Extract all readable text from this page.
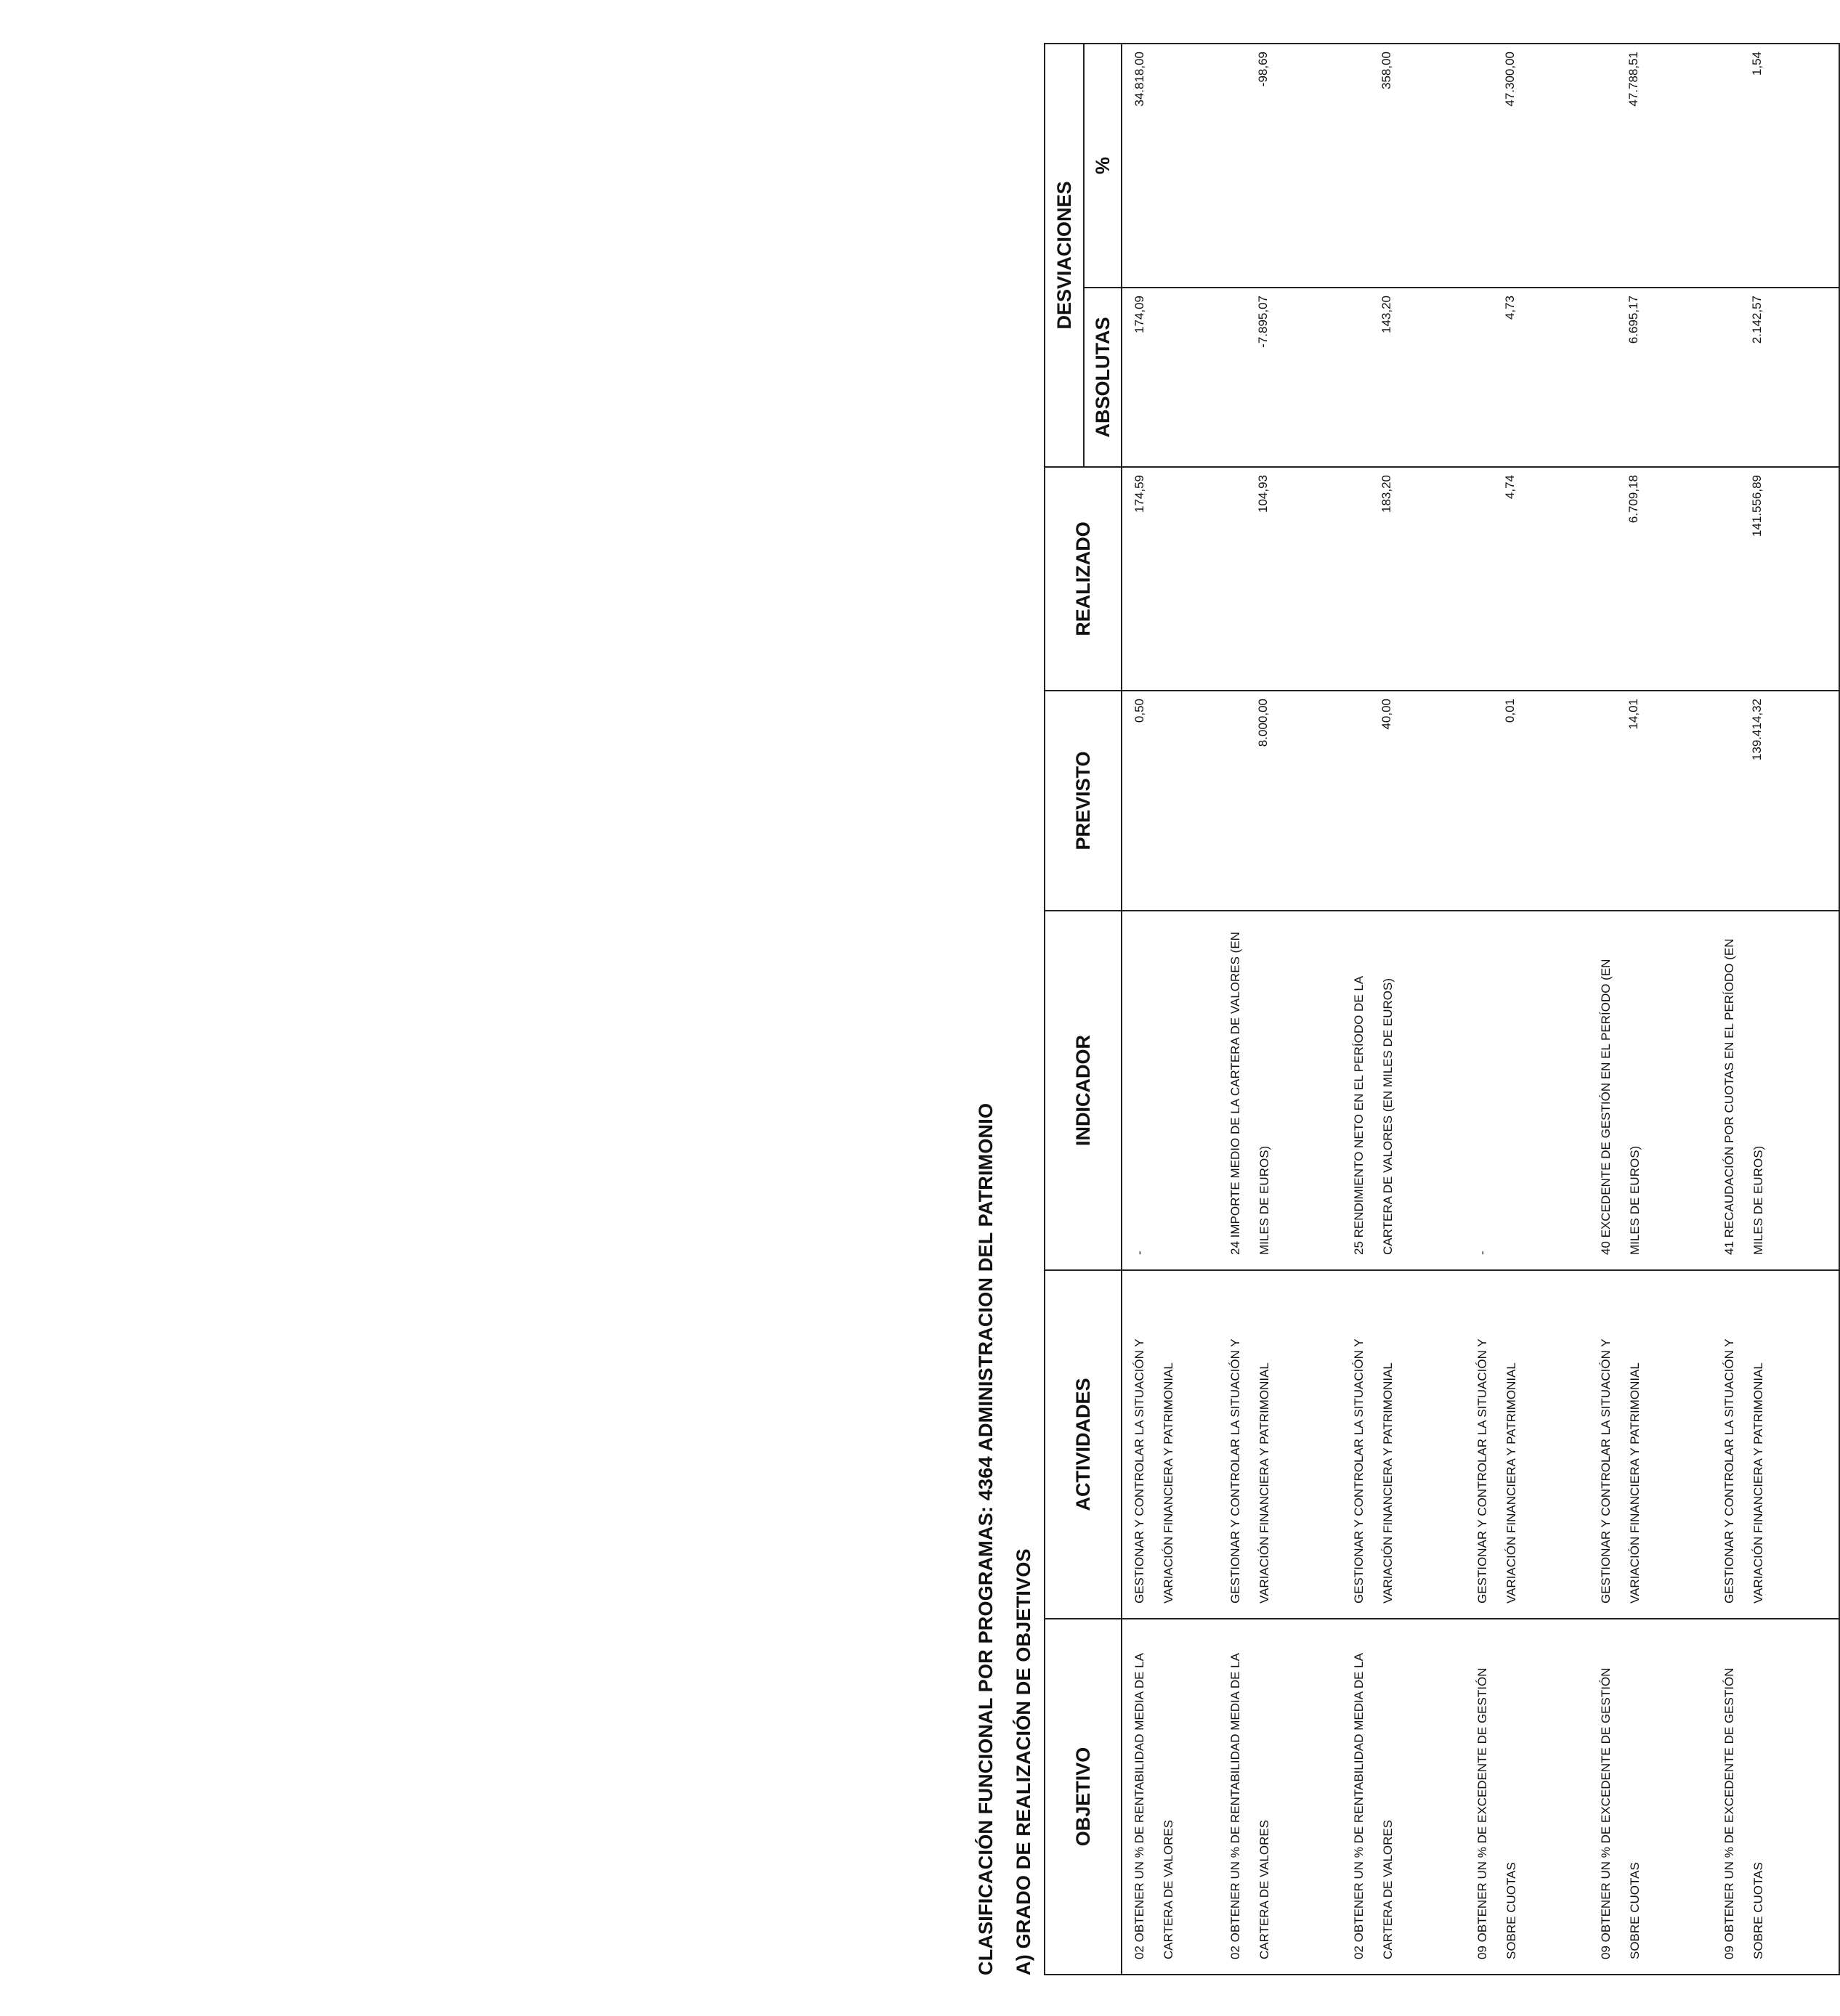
CLASIFICACIÓN FUNCIONAL POR PROGRAMAS: 4364 ADMINISTRACION DEL PATRIMONIO A) GRADO DE REALIZACIÓN DE OBJETIVOS OBJETIVO	ACTIVIDADES	INDICADOR	PREVISTO	REALIZADO	DESVIACIONES	
					ABSOLUTAS	%
02 OBTENER UN % DE RENTABILIDAD MEDIA DE LA CARTERA DE VALORES	GESTIONAR Y CONTROLAR LA SITUACIÓN Y VARIACIÓN FINANCIERA Y PATRIMONIAL	-	0,50	174,59	174,09	34.818,00
02 OBTENER UN % DE RENTABILIDAD MEDIA DE LA CARTERA DE VALORES	GESTIONAR Y CONTROLAR LA SITUACIÓN Y VARIACIÓN FINANCIERA Y PATRIMONIAL	24 IMPORTE MEDIO DE LA CARTERA DE VALORES (EN MILES DE EUROS)	8.000,00	104,93	-7.895,07	-98,69
02 OBTENER UN % DE RENTABILIDAD MEDIA DE LA CARTERA DE VALORES	GESTIONAR Y CONTROLAR LA SITUACIÓN Y VARIACIÓN FINANCIERA Y PATRIMONIAL	25 RENDIMIENTO NETO EN EL PERÍODO DE LA CARTERA DE VALORES (EN MILES DE EUROS)	40,00	183,20	143,20	358,00
09 OBTENER UN % DE EXCEDENTE DE GESTIÓN SOBRE CUOTAS	GESTIONAR Y CONTROLAR LA SITUACIÓN Y VARIACIÓN FINANCIERA Y PATRIMONIAL	-	0,01	4,74	4,73	47.300,00
09 OBTENER UN % DE EXCEDENTE DE GESTIÓN SOBRE CUOTAS	GESTIONAR Y CONTROLAR LA SITUACIÓN Y VARIACIÓN FINANCIERA Y PATRIMONIAL	40 EXCEDENTE DE GESTIÓN EN EL PERÍODO (EN MILES DE EUROS)	14,01	6.709,18	6.695,17	47.788,51
09 OBTENER UN % DE EXCEDENTE DE GESTIÓN SOBRE CUOTAS	GESTIONAR Y CONTROLAR LA SITUACIÓN Y VARIACIÓN FINANCIERA Y PATRIMONIAL	41 RECAUDACIÓN POR CUOTAS EN EL PERÍODO (EN MILES DE EUROS)	139.414,32	141.556,89	2.142,57	1,54
